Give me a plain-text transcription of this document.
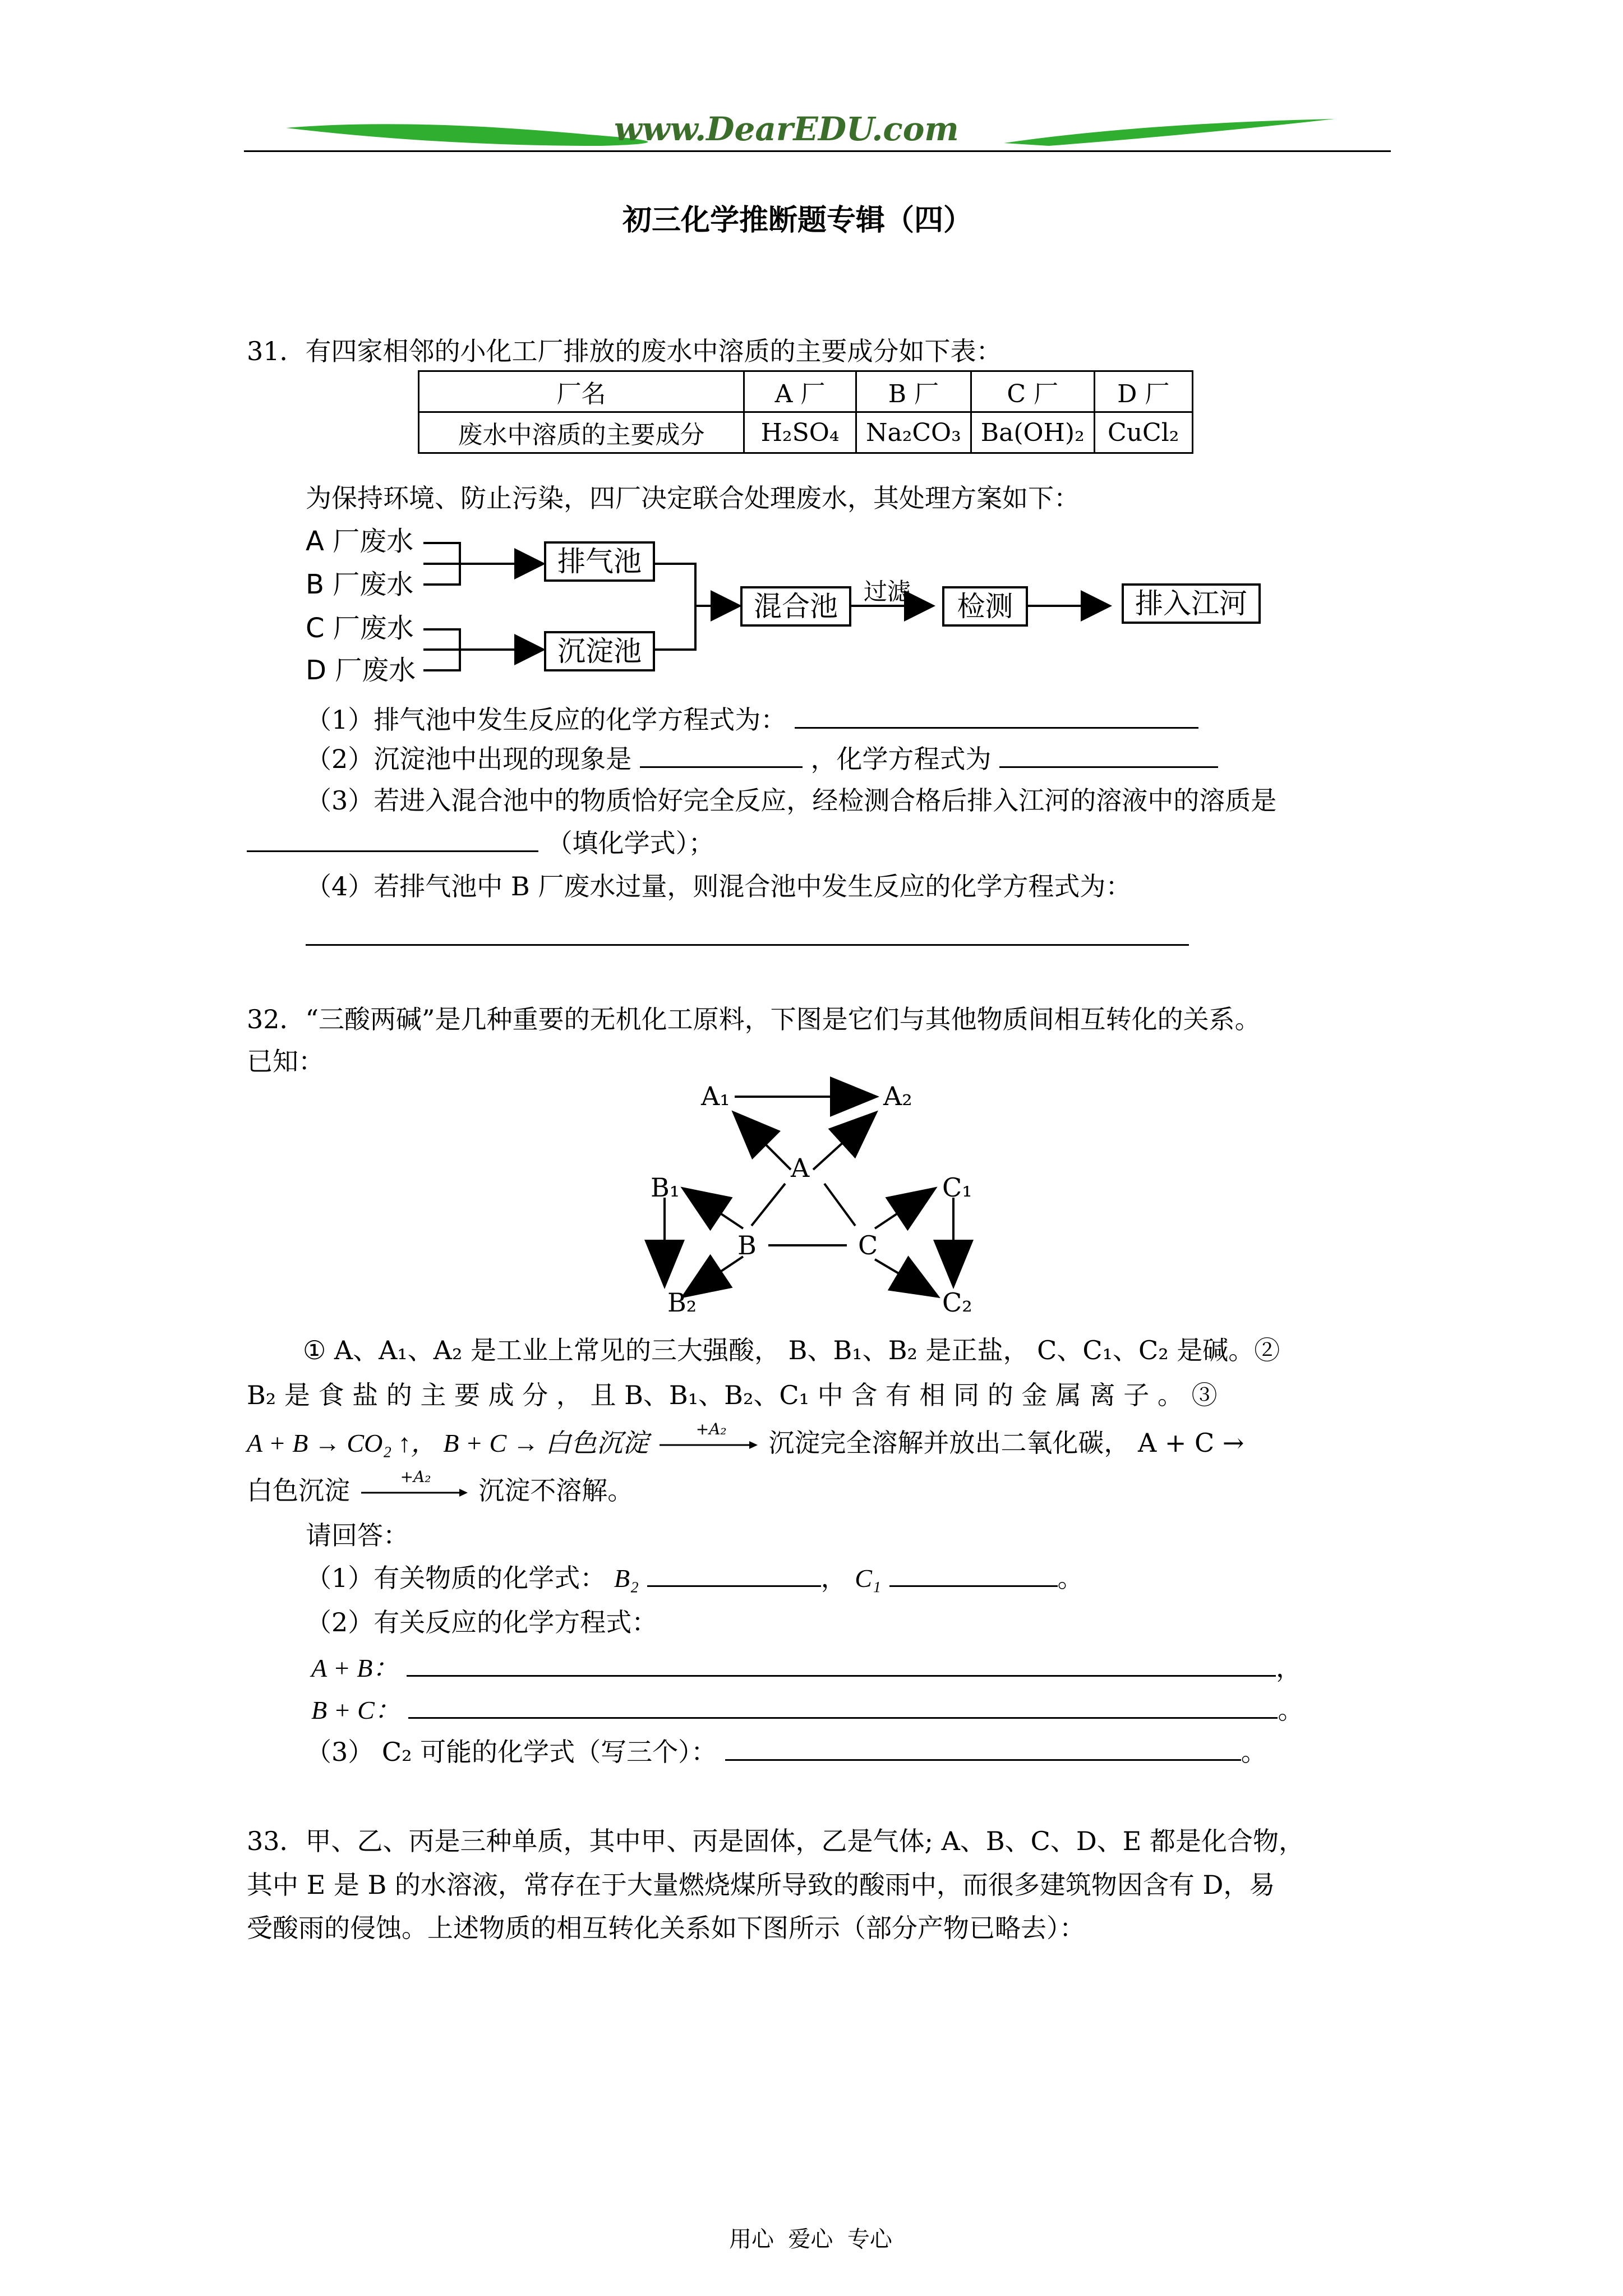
www.DearEDU.com
初三化学推断题专辑（四）
31．有四家相邻的小化工厂排放的废水中溶质的主要成分如下表：
厂名	A 厂	B 厂	C 厂	D 厂
废水中溶质的主要成分	H₂SO₄	Na₂CO₃	Ba(OH)₂	CuCl₂
为保持环境、防止污染，四厂决定联合处理废水，其处理方案如下：
A 厂废水
B 厂废水
C 厂废水
D 厂废水
排气池
沉淀池
混合池	过滤	检测	排入江河
（1）排气池中发生反应的化学方程式为：
（2）沉淀池中出现的现象是	，化学方程式为
（3）若进入混合池中的物质恰好完全反应，经检测合格后排入江河的溶液中的溶质是
（填化学式）；
（4）若排气池中 B 厂废水过量，则混合池中发生反应的化学方程式为：
32．“三酸两碱”是几种重要的无机化工原料，下图是它们与其他物质间相互转化的关系。
已知：
A₁	A₂
A
B₁
B	C
C₁
B₂	C₂
① A、A₁、A₂ 是工业上常见的三大强酸， B、B₁、B₂ 是正盐， C、C₁、C₂ 是碱。②
B₂ 是 食 盐 的 主 要 成 分 ， 且 B、B₁、B₂、C₁ 中 含 有 相 同 的 金 属 离 子 。 ③
A + B → CO₂ ↑， B + C → 白色沉淀	+A₂ 沉淀完全溶解并放出二氧化碳， A + C →
白色沉淀	+A₂ 沉淀不溶解。
请回答：
（1）有关物质的化学式： B₂	， C₁	。
（2）有关反应的化学方程式：
A + B：	，
B + C：	。
（3） C₂ 可能的化学式（写三个）：	。
33．甲、乙、丙是三种单质，其中甲、丙是固体，乙是气体; A、B、C、D、E 都是化合物，
其中 E 是 B 的水溶液，常存在于大量燃烧煤所导致的酸雨中，而很多建筑物因含有 D，易
受酸雨的侵蚀。上述物质的相互转化关系如下图所示（部分产物已略去）：
用心  爱心  专心
